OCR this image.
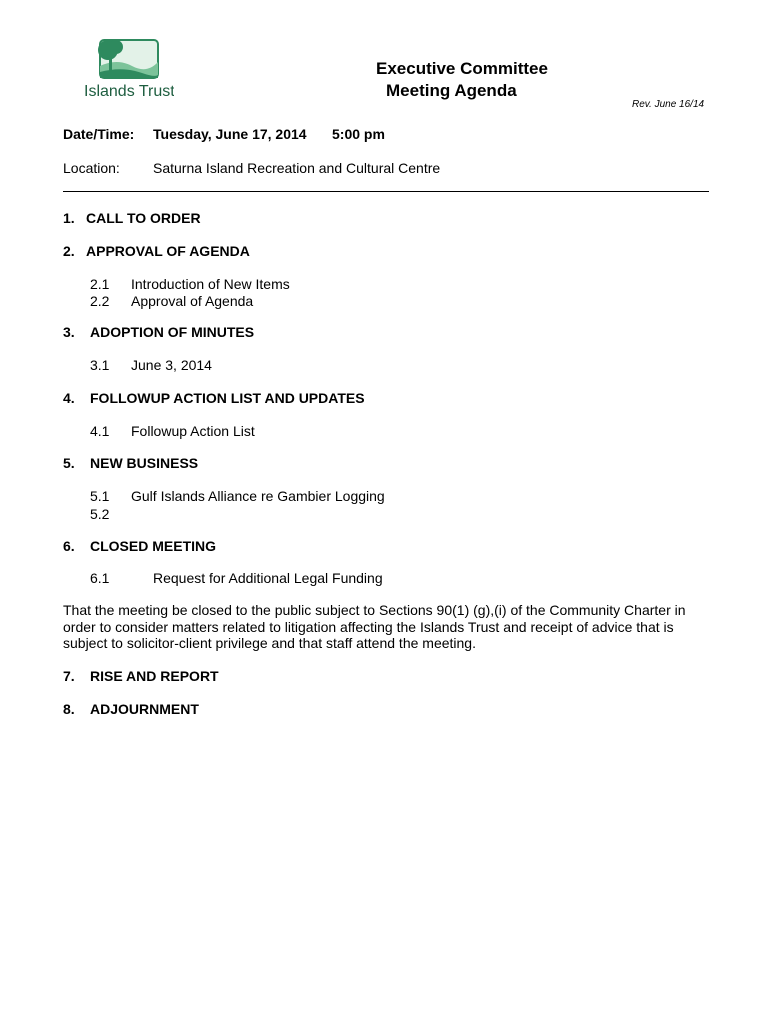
Islands Trust
Executive Committee
Meeting Agenda
Rev. June 16/14
Date/Time: Tuesday, June 17, 2014 5:00 pm
Location: Saturna Island Recreation and Cultural Centre
1. CALL TO ORDER
2. APPROVAL OF AGENDA
2.1 Introduction of New Items
2.2 Approval of Agenda
3. ADOPTION OF MINUTES
3.1 June 3, 2014
4. FOLLOWUP ACTION LIST AND UPDATES
4.1 Followup Action List
5. NEW BUSINESS
5.1 Gulf Islands Alliance re Gambier Logging
5.2
6. CLOSED MEETING
6.1	Request for Additional Legal Funding
That the meeting be closed to the public subject to Sections 90(1) (g),(i) of the Community Charter in order to consider matters related to litigation affecting the Islands Trust and receipt of advice that is subject to solicitor-client privilege and that staff attend the meeting.
7. RISE AND REPORT
8. ADJOURNMENT
